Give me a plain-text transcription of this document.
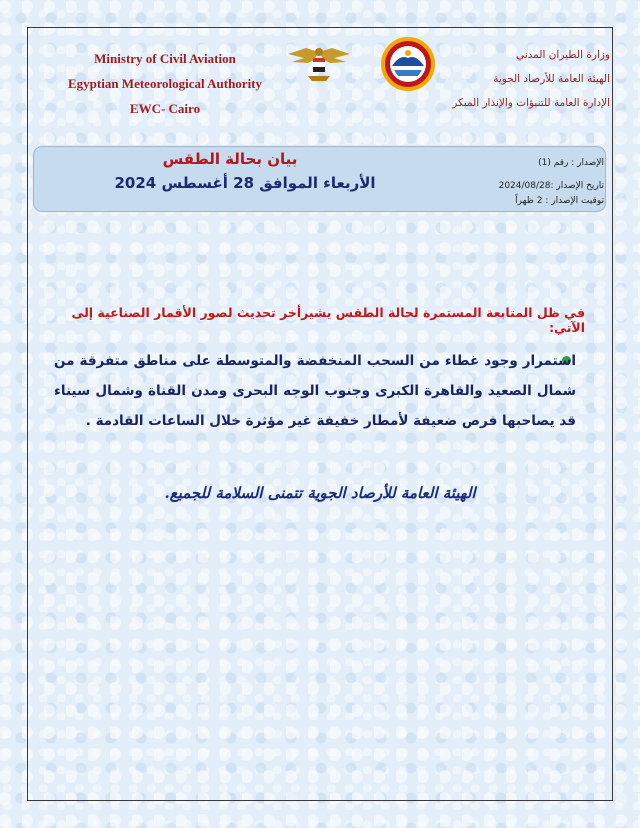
Ministry of Civil Aviation
Egyptian Meteorological Authority
EWC- Cairo
وزارة الطيران المدني
الهيئة العامة للأرصاد الجوية
الإدارة العامة للتنبؤات والإنذار المبكر
بيان بحالة الطقس
الأربعاء الموافق 28 أغسطس 2024
الإصدار : رقم (1)
تاريخ الإصدار :2024/08/28
توقيت الإصدار : 2 ظهراً
في ظل المتابعة المستمرة لحالة الطقس يشيرأخر تحديث لصور الأقمار الصناعية إلى الآتي:
استمرار وجود غطاء من السحب المنخفضة والمتوسطة على مناطق متفرقة من شمال الصعيد والقاهرة الكبرى وجنوب الوجه البحرى ومدن القناة وشمال سيناء قد يصاحبها فرص ضعيفة لأمطار خفيفة غير مؤثرة خلال الساعات القادمة .
الهيئة العامة للأرصاد الجوية تتمنى السلامة للجميع.
